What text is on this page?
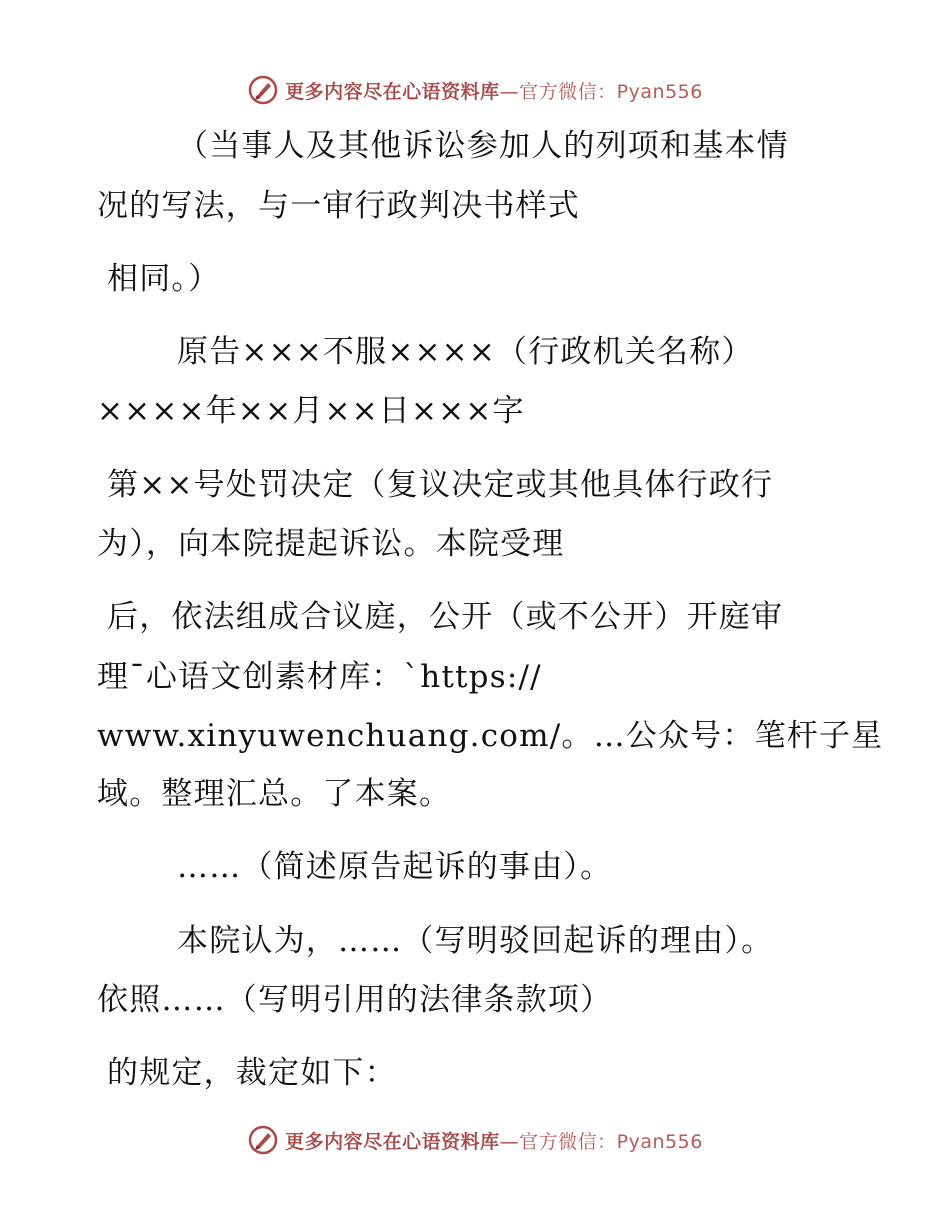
更多内容尽在心语资料库—官方微信：Pyan556
（当事人及其他诉讼参加人的列项和基本情
况的写法，与一审行政判决书样式
相同。）
原告×××不服××××（行政机关名称）
××××年××月××日×××字
第××号处罚决定（复议决定或其他具体行政行
为），向本院提起诉讼。本院受理
后，依法组成合议庭，公开（或不公开）开庭审
理¯心语文创素材库：`https://
www.xinyuwenchuang.com/。…公众号：笔杆子星
域。整理汇总。了本案。
……（简述原告起诉的事由）。
本院认为，……（写明驳回起诉的理由）。
依照……（写明引用的法律条款项）
的规定，裁定如下：
更多内容尽在心语资料库—官方微信：Pyan556
